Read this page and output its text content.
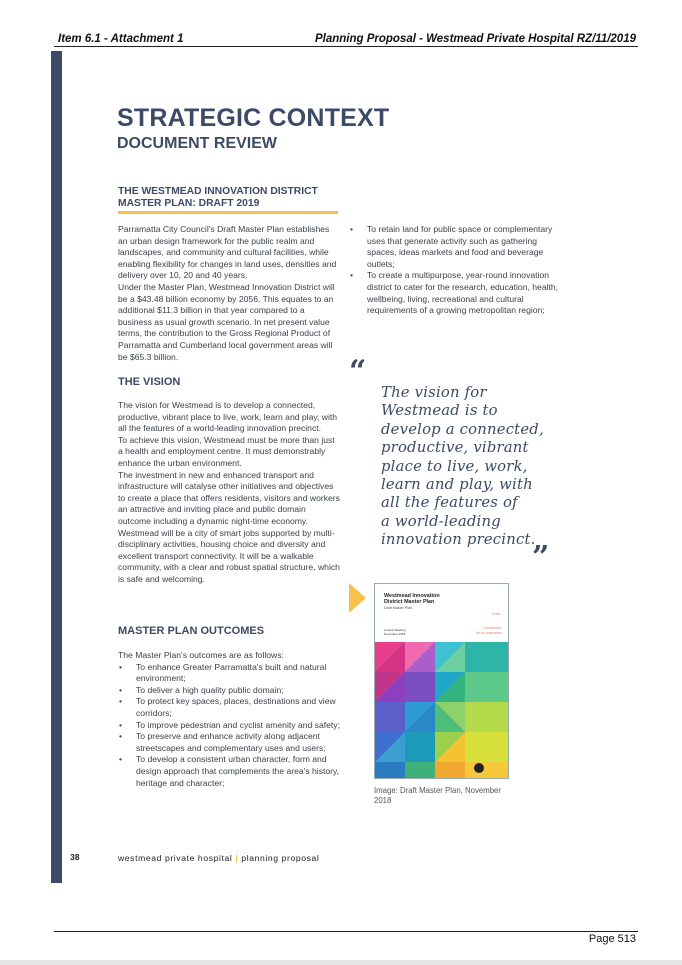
Item 6.1 - Attachment 1	Planning Proposal - Westmead Private Hospital RZ/11/2019
STRATEGIC CONTEXT
DOCUMENT REVIEW
THE WESTMEAD INNOVATION DISTRICT
MASTER PLAN: DRAFT 2019

Parramatta City Council's Draft Master Plan establishes an urban design framework for the public realm and landscapes, and community and cultural facilities, while enabling flexibility for changes in land uses, densities and delivery over 10, 20 and 40 years.

Under the Master Plan, Westmead Innovation District will be a $43.48 billion economy by 2056. This equates to an additional $11.3 billion in that year compared to a business as usual growth scenario. In net present value terms, the contribution to the Gross Regional Product of Parramatta and Cumberland local government areas will be $65.3 billion.

THE VISION

The vision for Westmead is to develop a connected, productive, vibrant place to live, work, learn and play, with all the features of a world-leading innovation precinct.

To achieve this vision, Westmead must be more than just a health and employment centre. It must demonstrably enhance the urban environment.

The investment in new and enhanced transport and infrastructure will catalyse other initiatives and objectives to create a place that offers residents, visitors and workers an attractive and inviting place and public domain outcome including a dynamic night-time economy.

Westmead will be a city of smart jobs supported by multi-disciplinary activities, housing choice and diversity and excellent transport connectivity. It will be a walkable community, with a clear and robust spatial structure, which is safe and welcoming.

MASTER PLAN OUTCOMES

The Master Plan's outcomes are as follows:

• To enhance Greater Parramatta's built and natural environment;
• To deliver a high quality public domain;
• To protect key spaces, places, destinations and view corridors;
• To improve pedestrian and cyclist amenity and safety;
• To preserve and enhance activity along adjacent streetscapes and complementary uses and users;
• To develop a consistent urban character, form and design approach that complements the area's history, heritage and character;
• To retain land for public space or complementary uses that generate activity such as gathering spaces, ideas markets and food and beverage outlets;
• To create a multipurpose, year-round innovation district to cater for the research, education, health, wellbeing, living, recreational and cultural requirements of a growing metropolitan region;
“
The vision for
Westmead is to
develop a connected,
productive, vibrant
place to live, work,
learn and play, with
all the features of
a world-leading
innovation precinct.
”
Westmead Innovation
District Master Plan
Draft Master Plan
Draft
Council Meeting
November 2018
Collaborate
for an aspiration
Image: Draft Master Plan, November 2018
38	westmead private hospital | planning proposal
Page 513
